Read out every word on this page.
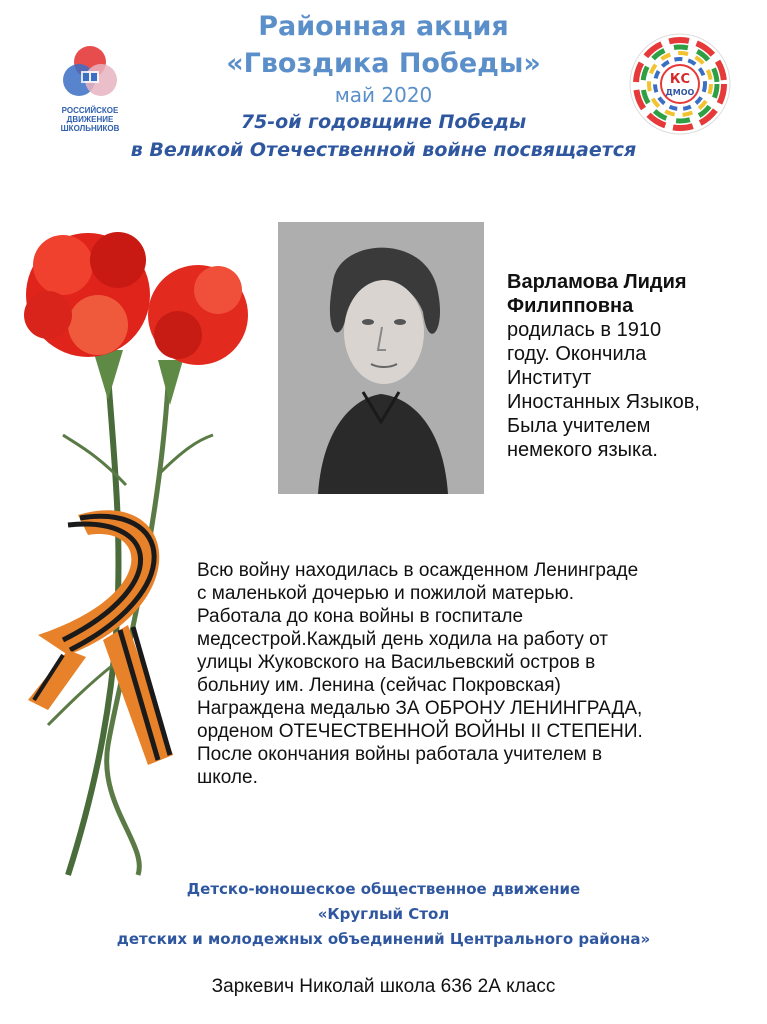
Районная акция
«Гвоздика Победы»
май 2020
75-ой годовщине Победы
в Великой Отечественной войне посвящается
РОССИЙСКОЕ
ДВИЖЕНИЕ ШКОЛЬНИКОВ
КС
ДМОО
Варламова Лидия
Филипповна
родилась в 1910
году. Окончила
Институт
Иностанных Языков,
Была учителем
немекого языка.
Всю войну находилась в осажденном Ленинграде
с маленькой дочерью и пожилой матерью.
Работала до кона войны в госпитале
медсестрой.Каждый день ходила на работу от
улицы Жуковского на Васильевский остров в
больниу им. Ленина (сейчас Покровская)
Награждена медалью ЗА ОБРОНУ ЛЕНИНГРАДА,
орденом ОТЕЧЕСТВЕННОЙ ВОЙНЫ II СТЕПЕНИ.
После окончания войны работала учителем в
школе.
Детско-юношеское общественное движение
«Круглый Стол
детских и молодежных объединений Центрального района»
Заркевич Николай школа 636 2А класс
